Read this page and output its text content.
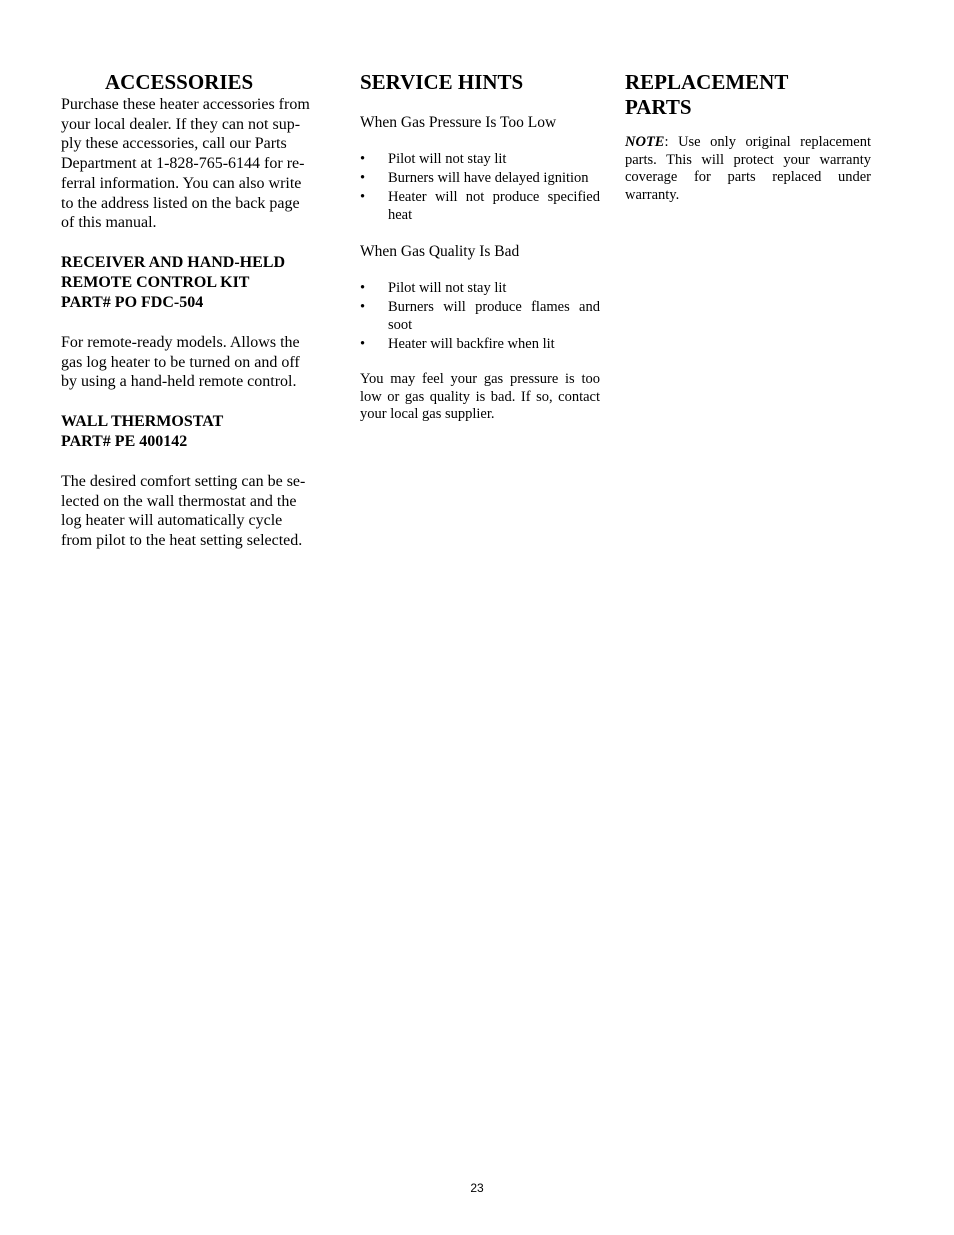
ACCESSORIES
Purchase these heater accessories from
your local dealer. If they can not sup-
ply these accessories, call our Parts
Department at 1-828-765-6144 for re-
ferral information. You can also write
to the address listed on the back page
of this manual.
RECEIVER AND HAND-HELD
REMOTE CONTROL KIT
PART# PO FDC-504
For remote-ready models. Allows the
gas log heater to be turned on and off
by using a hand-held remote control.
WALL THERMOSTAT
PART# PE 400142
The desired comfort setting can be se-
lected on the wall thermostat and the
log heater will automatically cycle
from pilot to the heat setting selected.
SERVICE HINTS

When Gas Pressure Is Too Low

• Pilot will not stay lit
• Burners will have delayed ignition
• Heater will not produce specified heat

When Gas Quality Is Bad

• Pilot will not stay lit
• Burners will produce flames and soot
• Heater will backfire when lit

You may feel your gas pressure is too low or gas quality is bad. If so, contact your local gas supplier.

REPLACEMENT
PARTS

NOTE: Use only original replacement parts. This will protect your warranty coverage for parts replaced under warranty.

23
